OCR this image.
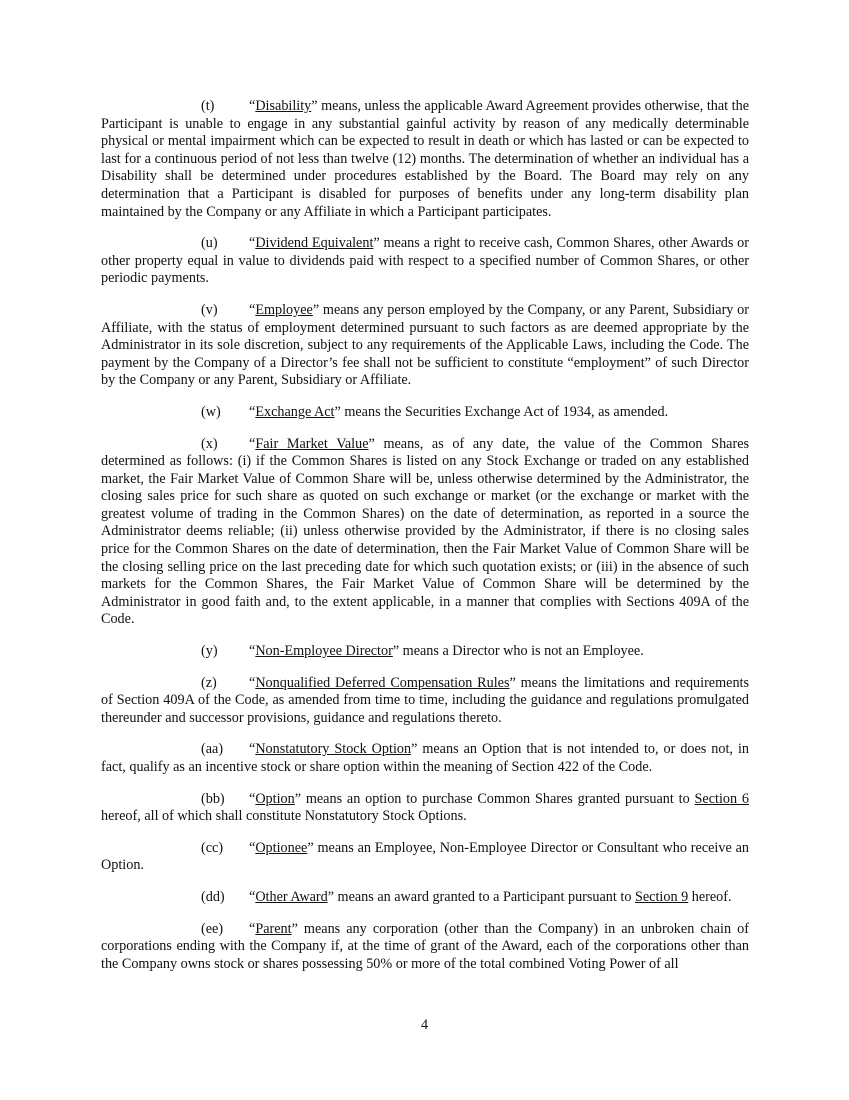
(t) “Disability” means, unless the applicable Award Agreement provides otherwise, that the Participant is unable to engage in any substantial gainful activity by reason of any medically determinable physical or mental impairment which can be expected to result in death or which has lasted or can be expected to last for a continuous period of not less than twelve (12) months. The determination of whether an individual has a Disability shall be determined under procedures established by the Board. The Board may rely on any determination that a Participant is disabled for purposes of benefits under any long-term disability plan maintained by the Company or any Affiliate in which a Participant participates.

(u) “Dividend Equivalent” means a right to receive cash, Common Shares, other Awards or other property equal in value to dividends paid with respect to a specified number of Common Shares, or other periodic payments.

(v) “Employee” means any person employed by the Company, or any Parent, Subsidiary or Affiliate, with the status of employment determined pursuant to such factors as are deemed appropriate by the Administrator in its sole discretion, subject to any requirements of the Applicable Laws, including the Code. The payment by the Company of a Director’s fee shall not be sufficient to constitute “employment” of such Director by the Company or any Parent, Subsidiary or Affiliate.

(w) “Exchange Act” means the Securities Exchange Act of 1934, as amended.

(x) “Fair Market Value” means, as of any date, the value of the Common Shares determined as follows: (i) if the Common Shares is listed on any Stock Exchange or traded on any established market, the Fair Market Value of Common Share will be, unless otherwise determined by the Administrator, the closing sales price for such share as quoted on such exchange or market (or the exchange or market with the greatest volume of trading in the Common Shares) on the date of determination, as reported in a source the Administrator deems reliable; (ii) unless otherwise provided by the Administrator, if there is no closing sales price for the Common Shares on the date of determination, then the Fair Market Value of Common Share will be the closing selling price on the last preceding date for which such quotation exists; or (iii) in the absence of such markets for the Common Shares, the Fair Market Value of Common Share will be determined by the Administrator in good faith and, to the extent applicable, in a manner that complies with Sections 409A of the Code.

(y) “Non-Employee Director” means a Director who is not an Employee.

(z) “Nonqualified Deferred Compensation Rules” means the limitations and requirements of Section 409A of the Code, as amended from time to time, including the guidance and regulations promulgated thereunder and successor provisions, guidance and regulations thereto.

(aa) “Nonstatutory Stock Option” means an Option that is not intended to, or does not, in fact, qualify as an incentive stock or share option within the meaning of Section 422 of the Code.

(bb) “Option” means an option to purchase Common Shares granted pursuant to Section 6 hereof, all of which shall constitute Nonstatutory Stock Options.

(cc) “Optionee” means an Employee, Non-Employee Director or Consultant who receive an Option.

(dd) “Other Award” means an award granted to a Participant pursuant to Section 9 hereof.

(ee) “Parent” means any corporation (other than the Company) in an unbroken chain of corporations ending with the Company if, at the time of grant of the Award, each of the corporations other than the Company owns stock or shares possessing 50% or more of the total combined Voting Power of all

4
